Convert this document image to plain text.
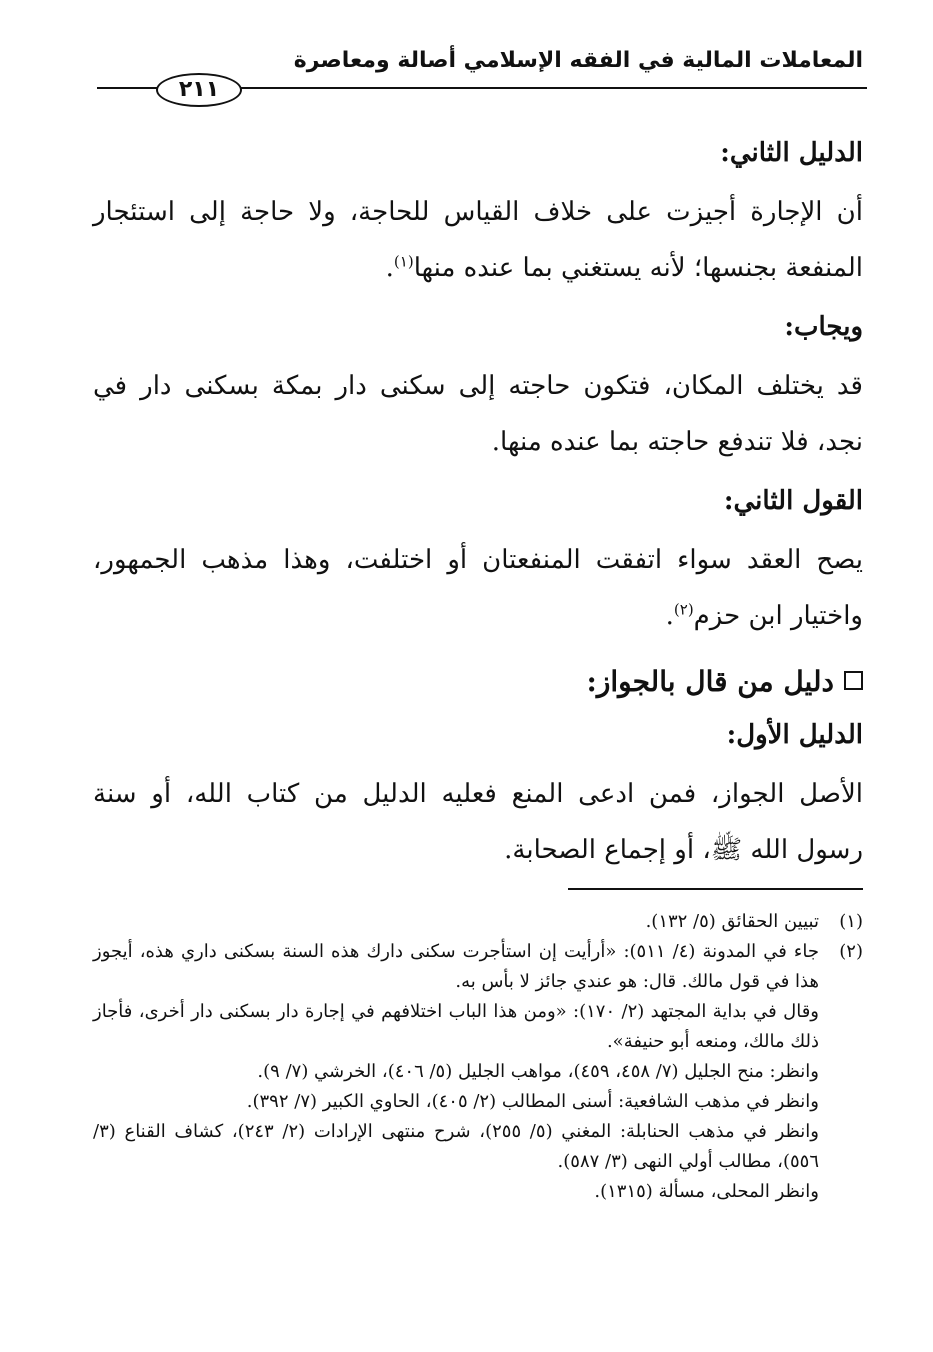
المعاملات المالية في الفقه الإسلامي أصالة ومعاصرة
٢١١

الدليل الثاني:

أن الإجارة أجيزت على خلاف القياس للحاجة، ولا حاجة إلى استئجار المنفعة بجنسها؛ لأنه يستغني بما عنده منها$^{(١)}$.

ويجاب:

قد يختلف المكان، فتكون حاجته إلى سكنى دار بمكة بسكنى دار في نجد، فلا تندفع حاجته بما عنده منها.

القول الثاني:

يصح العقد سواء اتفقت المنفعتان أو اختلفت، وهذا مذهب الجمهور، واختيار ابن حزم$^{(٢)}$.

دليل من قال بالجواز:

الدليل الأول:

الأصل الجواز، فمن ادعى المنع فعليه الدليل من كتاب الله، أو سنة رسول الله ﷺ، أو إجماع الصحابة.

(١)
تبيين الحقائق (٥/ ١٣٢).

(٢)
جاء في المدونة (٤/ ٥١١): «أرأيت إن استأجرت سكنى دارك هذه السنة بسكنى داري هذه، أيجوز هذا في قول مالك. قال: هو عندي جائز لا بأس به.

وقال في بداية المجتهد (٢/ ١٧٠): «ومن هذا الباب اختلافهم في إجارة دار بسكنى دار أخرى، فأجاز ذلك مالك، ومنعه أبو حنيفة».

وانظر: منح الجليل (٧/ ٤٥٨، ٤٥٩)، مواهب الجليل (٥/ ٤٠٦)، الخرشي (٧/ ٩).

وانظر في مذهب الشافعية: أسنى المطالب (٢/ ٤٠٥)، الحاوي الكبير (٧/ ٣٩٢).

وانظر في مذهب الحنابلة: المغني (٥/ ٢٥٥)، شرح منتهى الإرادات (٢/ ٢٤٣)، كشاف القناع (٣/ ٥٥٦)، مطالب أولي النهى (٣/ ٥٨٧).

وانظر المحلى، مسألة (١٣١٥).
